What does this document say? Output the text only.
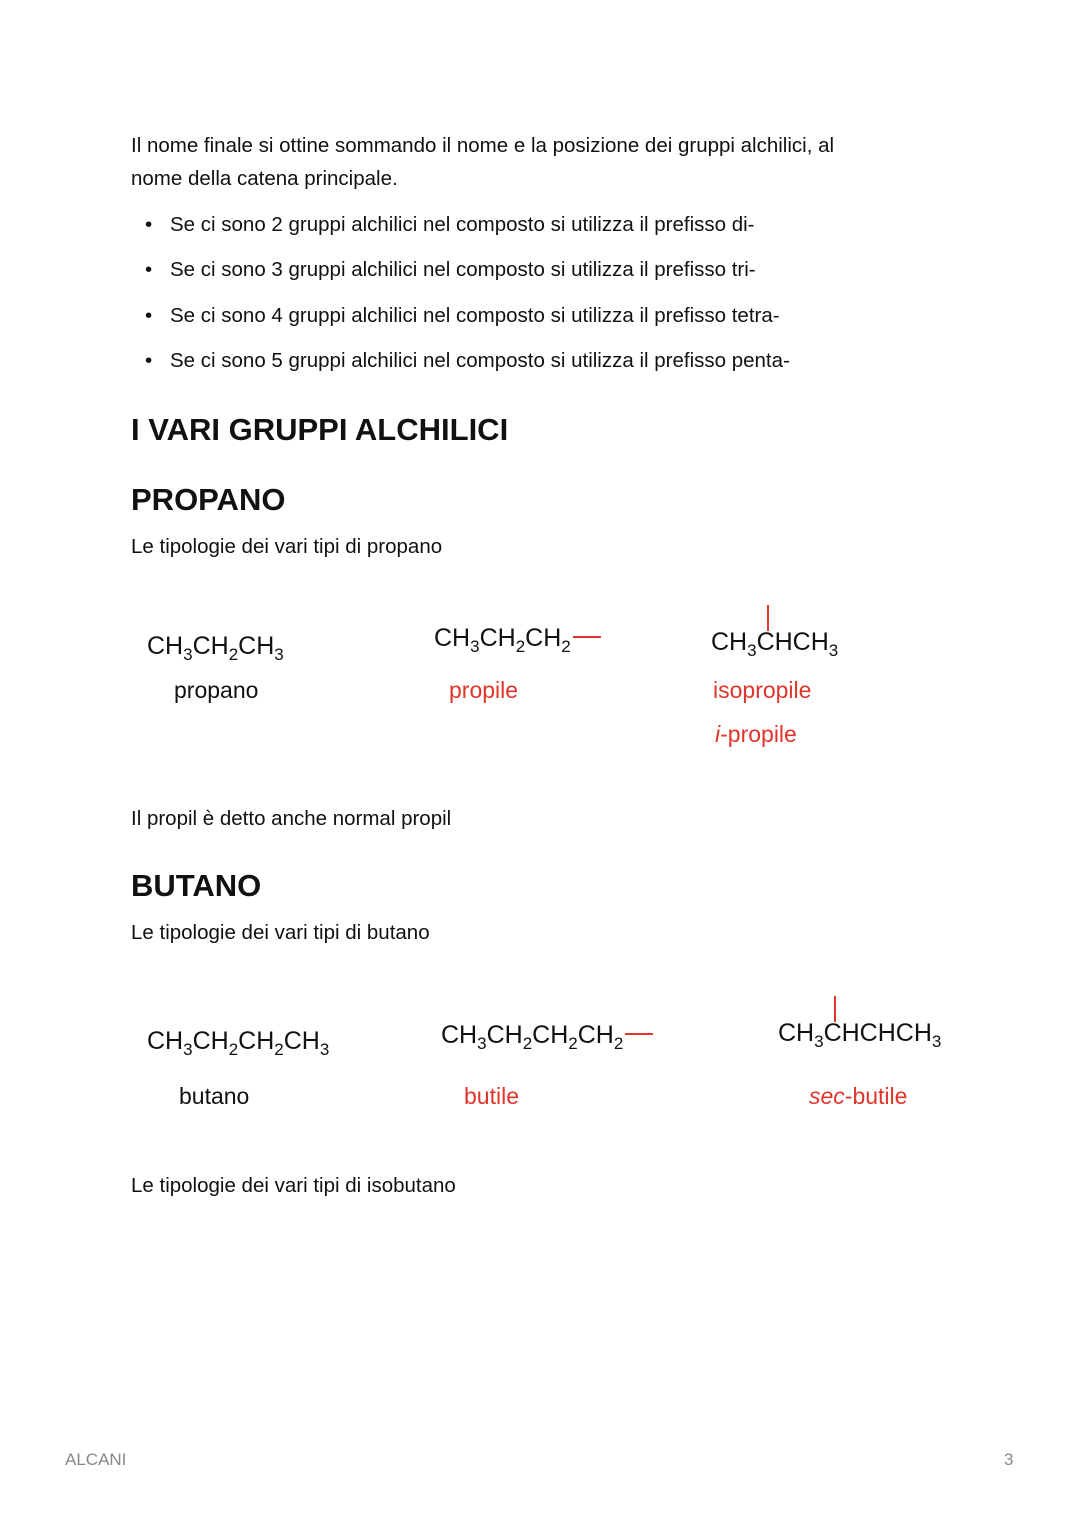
Il nome finale si ottine sommando il nome e la posizione dei gruppi alchilici, al
nome della catena principale.
• Se ci sono 2 gruppi alchilici nel composto si utilizza il prefisso di-
• Se ci sono 3 gruppi alchilici nel composto si utilizza il prefisso tri-
• Se ci sono 4 gruppi alchilici nel composto si utilizza il prefisso tetra-
• Se ci sono 5 gruppi alchilici nel composto si utilizza il prefisso penta-
I VARI GRUPPI ALCHILICI
PROPANO
Le tipologie dei vari tipi di propano
$CH_3CH_2CH_3$
$CH_3CH_2CH_2$	$CH_3CHCH_3$
propano	propile	isopropile
i-propile
Il propil è detto anche normal propil
BUTANO
Le tipologie dei vari tipi di butano
$CH_3CH_2CH_2CH_3$
$CH_3CH_2CH_2CH_2$	$CH_3CHCHCH_3$
butano	butile	sec-butile
Le tipologie dei vari tipi di isobutano
ALCANI	3
